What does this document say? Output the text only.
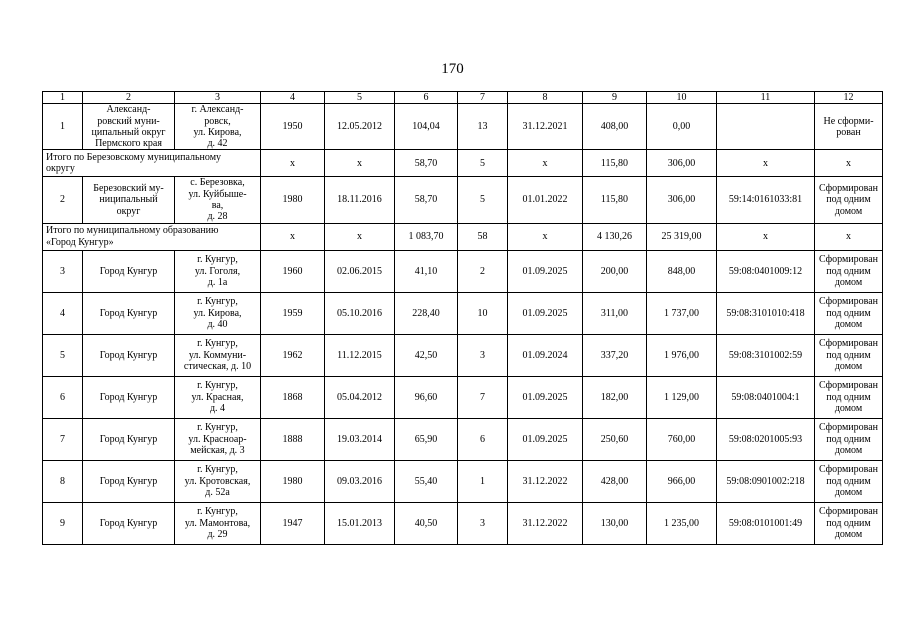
170
1	2	3	4	5	6	7	8	9	10	11	12
1	Александ-
ровский муни-
ципальный округ
Пермского края	г. Александ-
ровск,
ул. Кирова,
д. 42	1950	12.05.2012	104,04	13	31.12.2021	408,00	0,00		Не сформи-
рован
Итого по Березовскому муниципальному
округу			x	x	58,70	5	x	115,80	306,00	x	x
2	Березовский му-
ниципальный
округ	с. Березовка,
ул. Куйбыше-
ва,
д. 28	1980	18.11.2016	58,70	5	01.01.2022	115,80	306,00	59:14:0161033:81	Сформирован
под одним
домом
Итого по муниципальному образованию
«Город Кунгур»			x	x	1 083,70	58	x	4 130,26	25 319,00	x	x
3	Город Кунгур	г. Кунгур,
ул. Гоголя,
д. 1а	1960	02.06.2015	41,10	2	01.09.2025	200,00	848,00	59:08:0401009:12	Сформирован
под одним
домом
4	Город Кунгур	г. Кунгур,
ул. Кирова,
д. 40	1959	05.10.2016	228,40	10	01.09.2025	311,00	1 737,00	59:08:3101010:418	Сформирован
под одним
домом
5	Город Кунгур	г. Кунгур,
ул. Коммуни-
стическая, д. 10	1962	11.12.2015	42,50	3	01.09.2024	337,20	1 976,00	59:08:3101002:59	Сформирован
под одним
домом
6	Город Кунгур	г. Кунгур,
ул. Красная,
д. 4	1868	05.04.2012	96,60	7	01.09.2025	182,00	1 129,00	59:08:0401004:1	Сформирован
под одним
домом
7	Город Кунгур	г. Кунгур,
ул. Красноар-
мейская, д. 3	1888	19.03.2014	65,90	6	01.09.2025	250,60	760,00	59:08:0201005:93	Сформирован
под одним
домом
8	Город Кунгур	г. Кунгур,
ул. Кротовская,
д. 52а	1980	09.03.2016	55,40	1	31.12.2022	428,00	966,00	59:08:0901002:218	Сформирован
под одним
домом
9	Город Кунгур	г. Кунгур,
ул. Мамонтова,
д. 29	1947	15.01.2013	40,50	3	31.12.2022	130,00	1 235,00	59:08:0101001:49	Сформирован
под одним
домом
